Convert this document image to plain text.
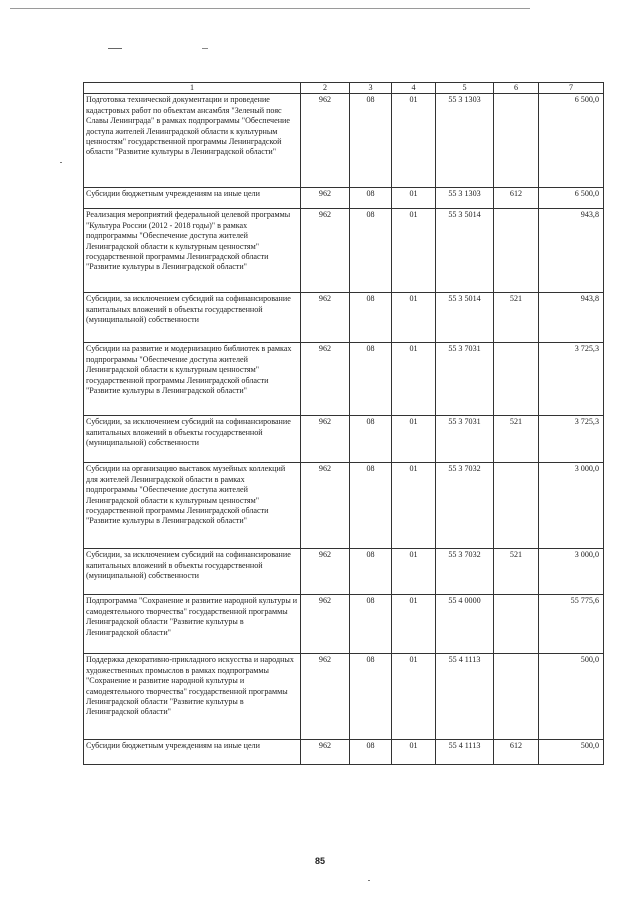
1	2	3	4	5	6	7
Подготовка технической документации и проведение кадастровых работ по объектам ансамбля "Зеленый пояс Славы Ленинграда" в рамках подпрограммы "Обеспечение доступа жителей Ленинградской области к культурным ценностям" государственной программы Ленинградской области "Развитие культуры в Ленинградской области"	962	08	01	55 3 1303		6 500,0
Субсидии бюджетным учреждениям на иные цели	962	08	01	55 3 1303	612	6 500,0
Реализация мероприятий федеральной целевой программы "Культура России (2012 - 2018 годы)" в рамках подпрограммы "Обеспечение доступа жителей Ленинградской области к культурным ценностям" государственной программы Ленинградской области "Развитие культуры в Ленинградской области"	962	08	01	55 3 5014		943,8
Субсидии, за исключением субсидий на софинансирование капитальных вложений в объекты государственной (муниципальной) собственности	962	08	01	55 3 5014	521	943,8
Субсидии на развитие и модернизацию библиотек в рамках подпрограммы "Обеспечение доступа жителей Ленинградской области к культурным ценностям" государственной программы Ленинградской области "Развитие культуры в Ленинградской области"	962	08	01	55 3 7031		3 725,3
Субсидии, за исключением субсидий на софинансирование капитальных вложений в объекты государственной (муниципальной) собственности	962	08	01	55 3 7031	521	3 725,3
Субсидии на организацию выставок музейных коллекций для жителей Ленинградской области в рамках подпрограммы "Обеспечение доступа жителей Ленинградской области к культурным ценностям" государственной программы Ленинградской области "Развитие культуры в Ленинградской области"	962	08	01	55 3 7032		3 000,0
Субсидии, за исключением субсидий на софинансирование капитальных вложений в объекты государственной (муниципальной) собственности	962	08	01	55 3 7032	521	3 000,0
Подпрограмма "Сохранение и развитие народной культуры и самодеятельного творчества" государственной программы Ленинградской области "Развитие культуры в Ленинградской области"	962	08	01	55 4 0000		55 775,6
Поддержка декоративно-прикладного искусства и народных художественных промыслов в рамках подпрограммы "Сохранение и развитие народной культуры и самодеятельного творчества" государственной программы Ленинградской области "Развитие культуры в Ленинградской области"	962	08	01	55 4 1113		500,0
Субсидии бюджетным учреждениям на иные цели	962	08	01	55 4 1113	612	500,0
85
